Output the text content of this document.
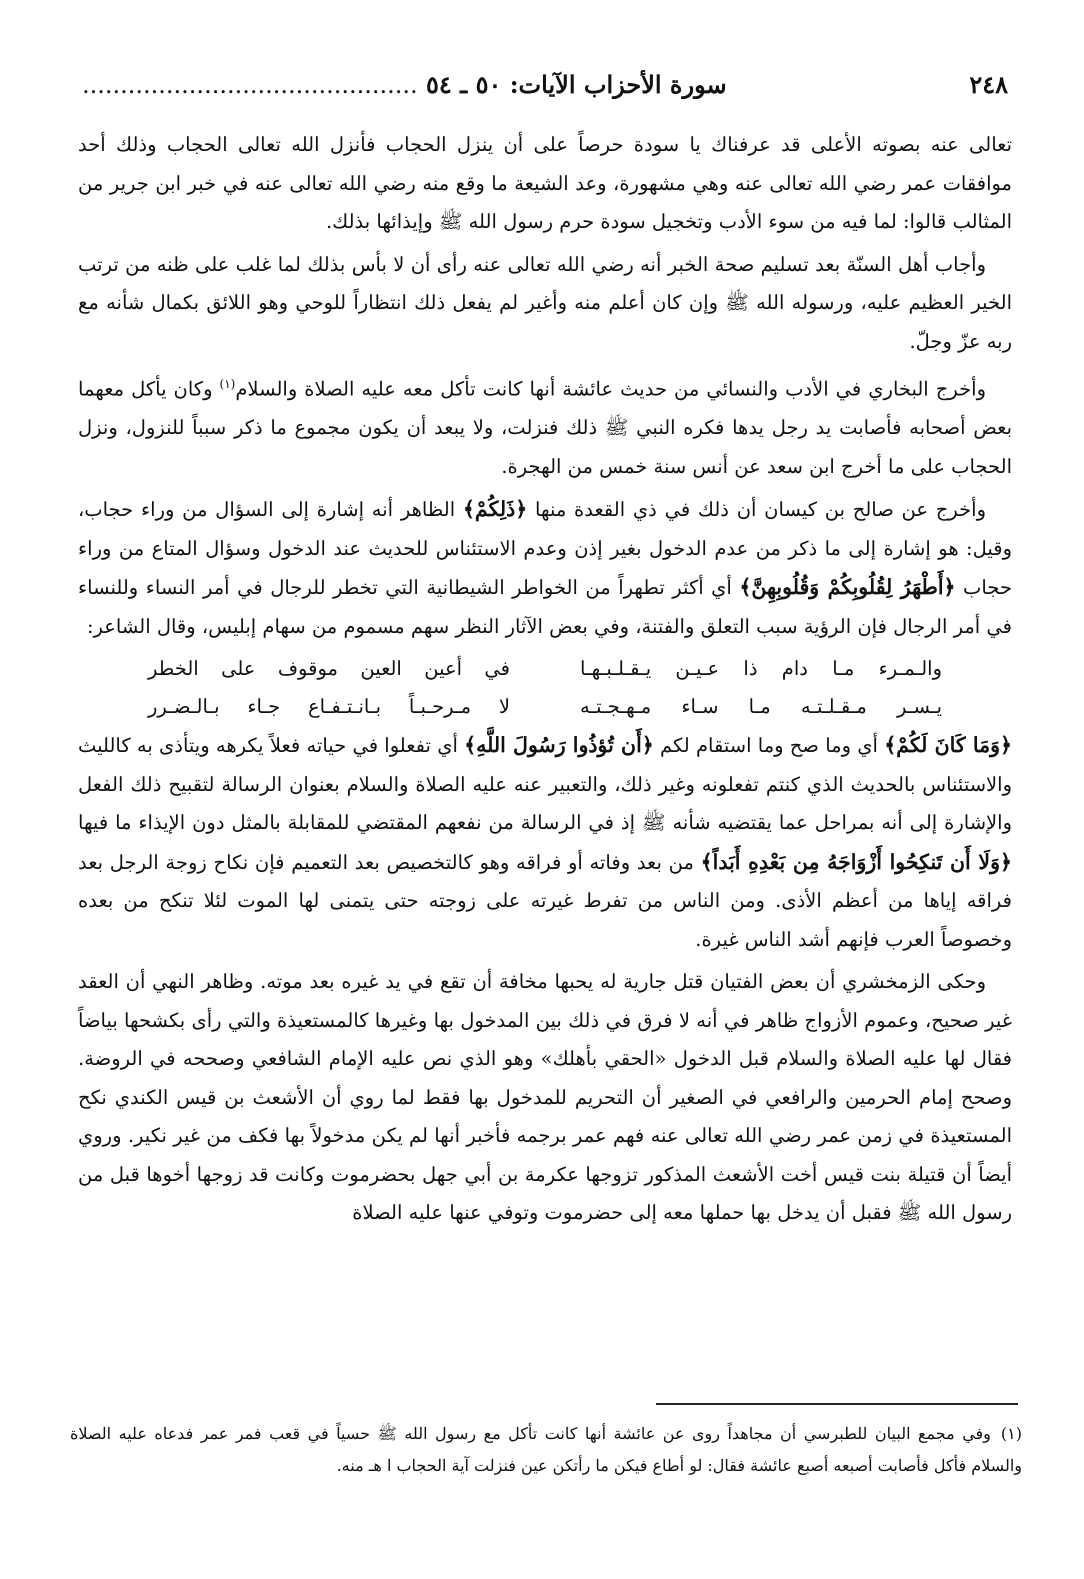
٢٤٨
سورة الأحزاب الآيات: ٥٠ ـ ٥٤ ............................................

تعالى عنه بصوته الأعلى قد عرفناك يا سودة حرصاً على أن ينزل الحجاب فأنزل الله تعالى الحجاب وذلك أحد موافقات عمر رضي الله تعالى عنه وهي مشهورة، وعد الشيعة ما وقع منه رضي الله تعالى عنه في خبر ابن جرير من المثالب قالوا: لما فيه من سوء الأدب وتخجيل سودة حرم رسول الله ﷺ وإيذائها بذلك.

وأجاب أهل السنّة بعد تسليم صحة الخبر أنه رضي الله تعالى عنه رأى أن لا بأس بذلك لما غلب على ظنه من ترتب الخير العظيم عليه، ورسوله الله ﷺ وإن كان أعلم منه وأغير لم يفعل ذلك انتظاراً للوحي وهو اللائق بكمال شأنه مع ربه عزّ وجلّ.

وأخرج البخاري في الأدب والنسائي من حديث عائشة أنها كانت تأكل معه عليه الصلاة والسلام$^{(١)}$ وكان يأكل معهما بعض أصحابه فأصابت يد رجل يدها فكره النبي ﷺ ذلك فنزلت، ولا يبعد أن يكون مجموع ما ذكر سبباً للنزول، ونزل الحجاب على ما أخرج ابن سعد عن أنس سنة خمس من الهجرة.

وأخرج عن صالح بن كيسان أن ذلك في ذي القعدة منها ﴿ذَلِكُمْ﴾ الظاهر أنه إشارة إلى السؤال من وراء حجاب، وقيل: هو إشارة إلى ما ذكر من عدم الدخول بغير إذن وعدم الاستئناس للحديث عند الدخول وسؤال المتاع من وراء حجاب ﴿أَطْهَرُ لِقُلُوبِكُمْ وَقُلُوبِهِنَّ﴾ أي أكثر تطهراً من الخواطر الشيطانية التي تخطر للرجال في أمر النساء وللنساء في أمر الرجال فإن الرؤية سبب التعلق والفتنة، وفي بعض الآثار النظر سهم مسموم من سهام إبليس، وقال الشاعر:

والـمـرء مـا دام ذا عـيـن يـقـلـبـهـا
في أعين العين موقوف على الخطر
يـسـر مـقـلـتـه مـا سـاء مـهـجـتـه
لا مـرحـبـاً بـانـتـفـاع جـاء بـالـضـرر

﴿وَمَا كَانَ لَكُمْ﴾ أي وما صح وما استقام لكم ﴿أَن تُؤذُوا رَسُولَ اللَّهِ﴾ أي تفعلوا في حياته فعلاً يكرهه ويتأذى به كالليث والاستئناس بالحديث الذي كنتم تفعلونه وغير ذلك، والتعبير عنه عليه الصلاة والسلام بعنوان الرسالة لتقبيح ذلك الفعل والإشارة إلى أنه بمراحل عما يقتضيه شأنه ﷺ إذ في الرسالة من نفعهم المقتضي للمقابلة بالمثل دون الإيذاء ما فيها ﴿وَلَا أَن تَنكِحُوا أَزْوَاجَهُ مِن بَعْدِهِ أَبَداً﴾ من بعد وفاته أو فراقه وهو كالتخصيص بعد التعميم فإن نكاح زوجة الرجل بعد فراقه إياها من أعظم الأذى. ومن الناس من تفرط غيرته على زوجته حتى يتمنى لها الموت لئلا تنكح من بعده وخصوصاً العرب فإنهم أشد الناس غيرة.

وحكى الزمخشري أن بعض الفتيان قتل جارية له يحبها مخافة أن تقع في يد غيره بعد موته. وظاهر النهي أن العقد غير صحيح، وعموم الأزواج ظاهر في أنه لا فرق في ذلك بين المدخول بها وغيرها كالمستعيذة والتي رأى بكشحها بياضاً فقال لها عليه الصلاة والسلام قبل الدخول «الحقي بأهلك» وهو الذي نص عليه الإمام الشافعي وصححه في الروضة. وصحح إمام الحرمين والرافعي في الصغير أن التحريم للمدخول بها فقط لما روي أن الأشعث بن قيس الكندي نكح المستعيذة في زمن عمر رضي الله تعالى عنه فهم عمر برجمه فأخبر أنها لم يكن مدخولاً بها فكف من غير نكير. وروي أيضاً أن قتيلة بنت قيس أخت الأشعث المذكور تزوجها عكرمة بن أبي جهل بحضرموت وكانت قد زوجها أخوها قبل من رسول الله ﷺ فقبل أن يدخل بها حملها معه إلى حضرموت وتوفي عنها عليه الصلاة

(١)وفي مجمع البيان للطبرسي أن مجاهداً روى عن عائشة أنها كانت تأكل مع رسول الله ﷺ حسياً في قعب فمر عمر فدعاه عليه الصلاة والسلام فأكل فأصابت أصبعه أصبع عائشة فقال: لو أطاع فيكن ما رأتكن عين فنزلت آية الحجاب ا هـ منه.
